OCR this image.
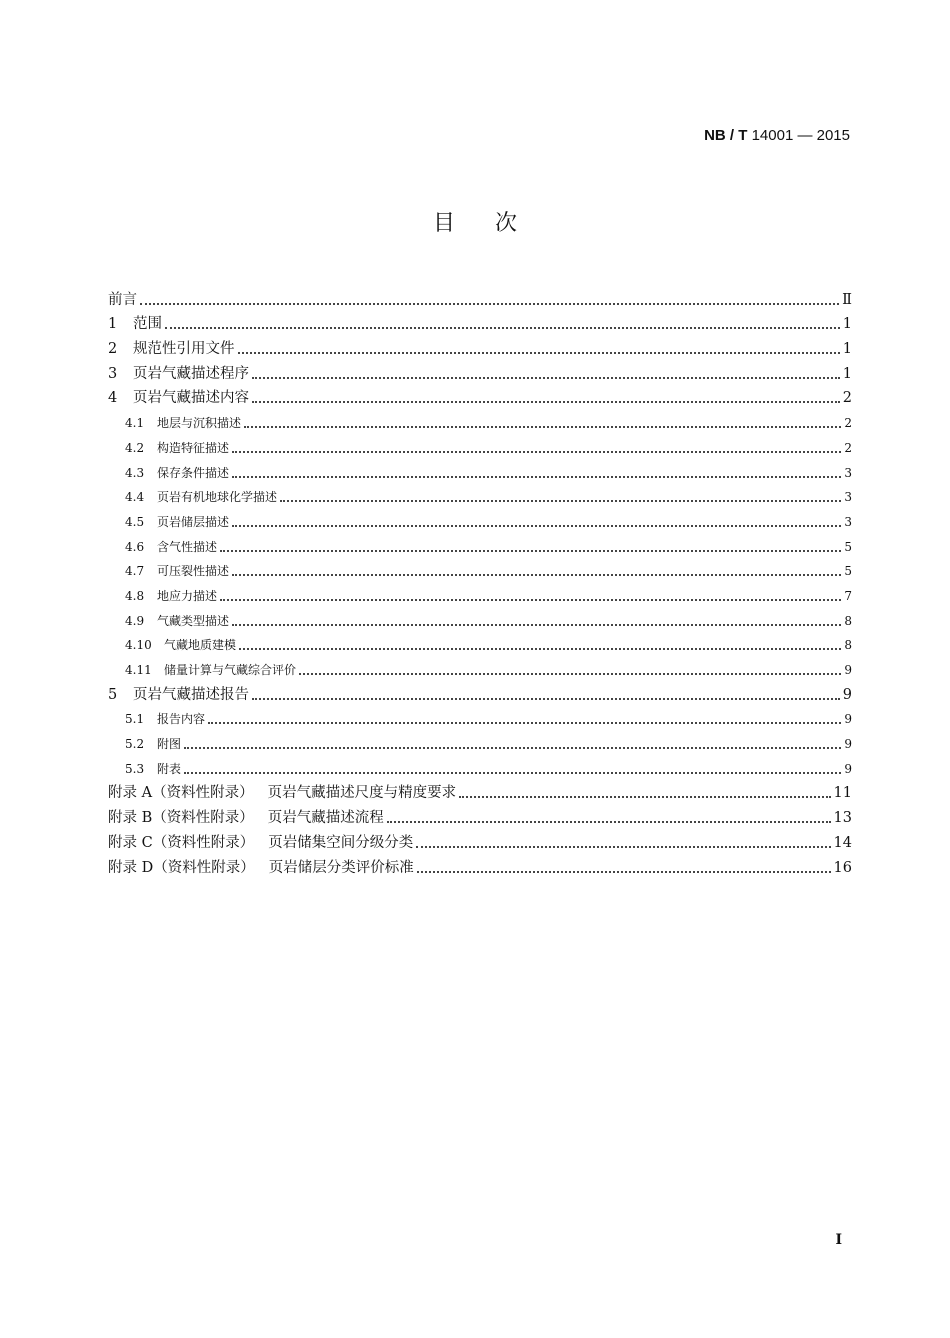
NB / T 14001 — 2015
目次
前言	Ⅱ
1	范围	1
2	规范性引用文件	1
3	页岩气藏描述程序	1
4	页岩气藏描述内容	2
4.1	地层与沉积描述	2
4.2	构造特征描述	2
4.3	保存条件描述	3
4.4	页岩有机地球化学描述	3
4.5	页岩储层描述	3
4.6	含气性描述	5
4.7	可压裂性描述	5
4.8	地应力描述	7
4.9	气藏类型描述	8
4.10	气藏地质建模	8
4.11	储量计算与气藏综合评价	9
5	页岩气藏描述报告	9
5.1	报告内容	9
5.2	附图	9
5.3	附表	9
附录 A（资料性附录） 页岩气藏描述尺度与精度要求	11
附录 B（资料性附录） 页岩气藏描述流程	13
附录 C（资料性附录） 页岩储集空间分级分类	14
附录 D（资料性附录） 页岩储层分类评价标准	16
I
